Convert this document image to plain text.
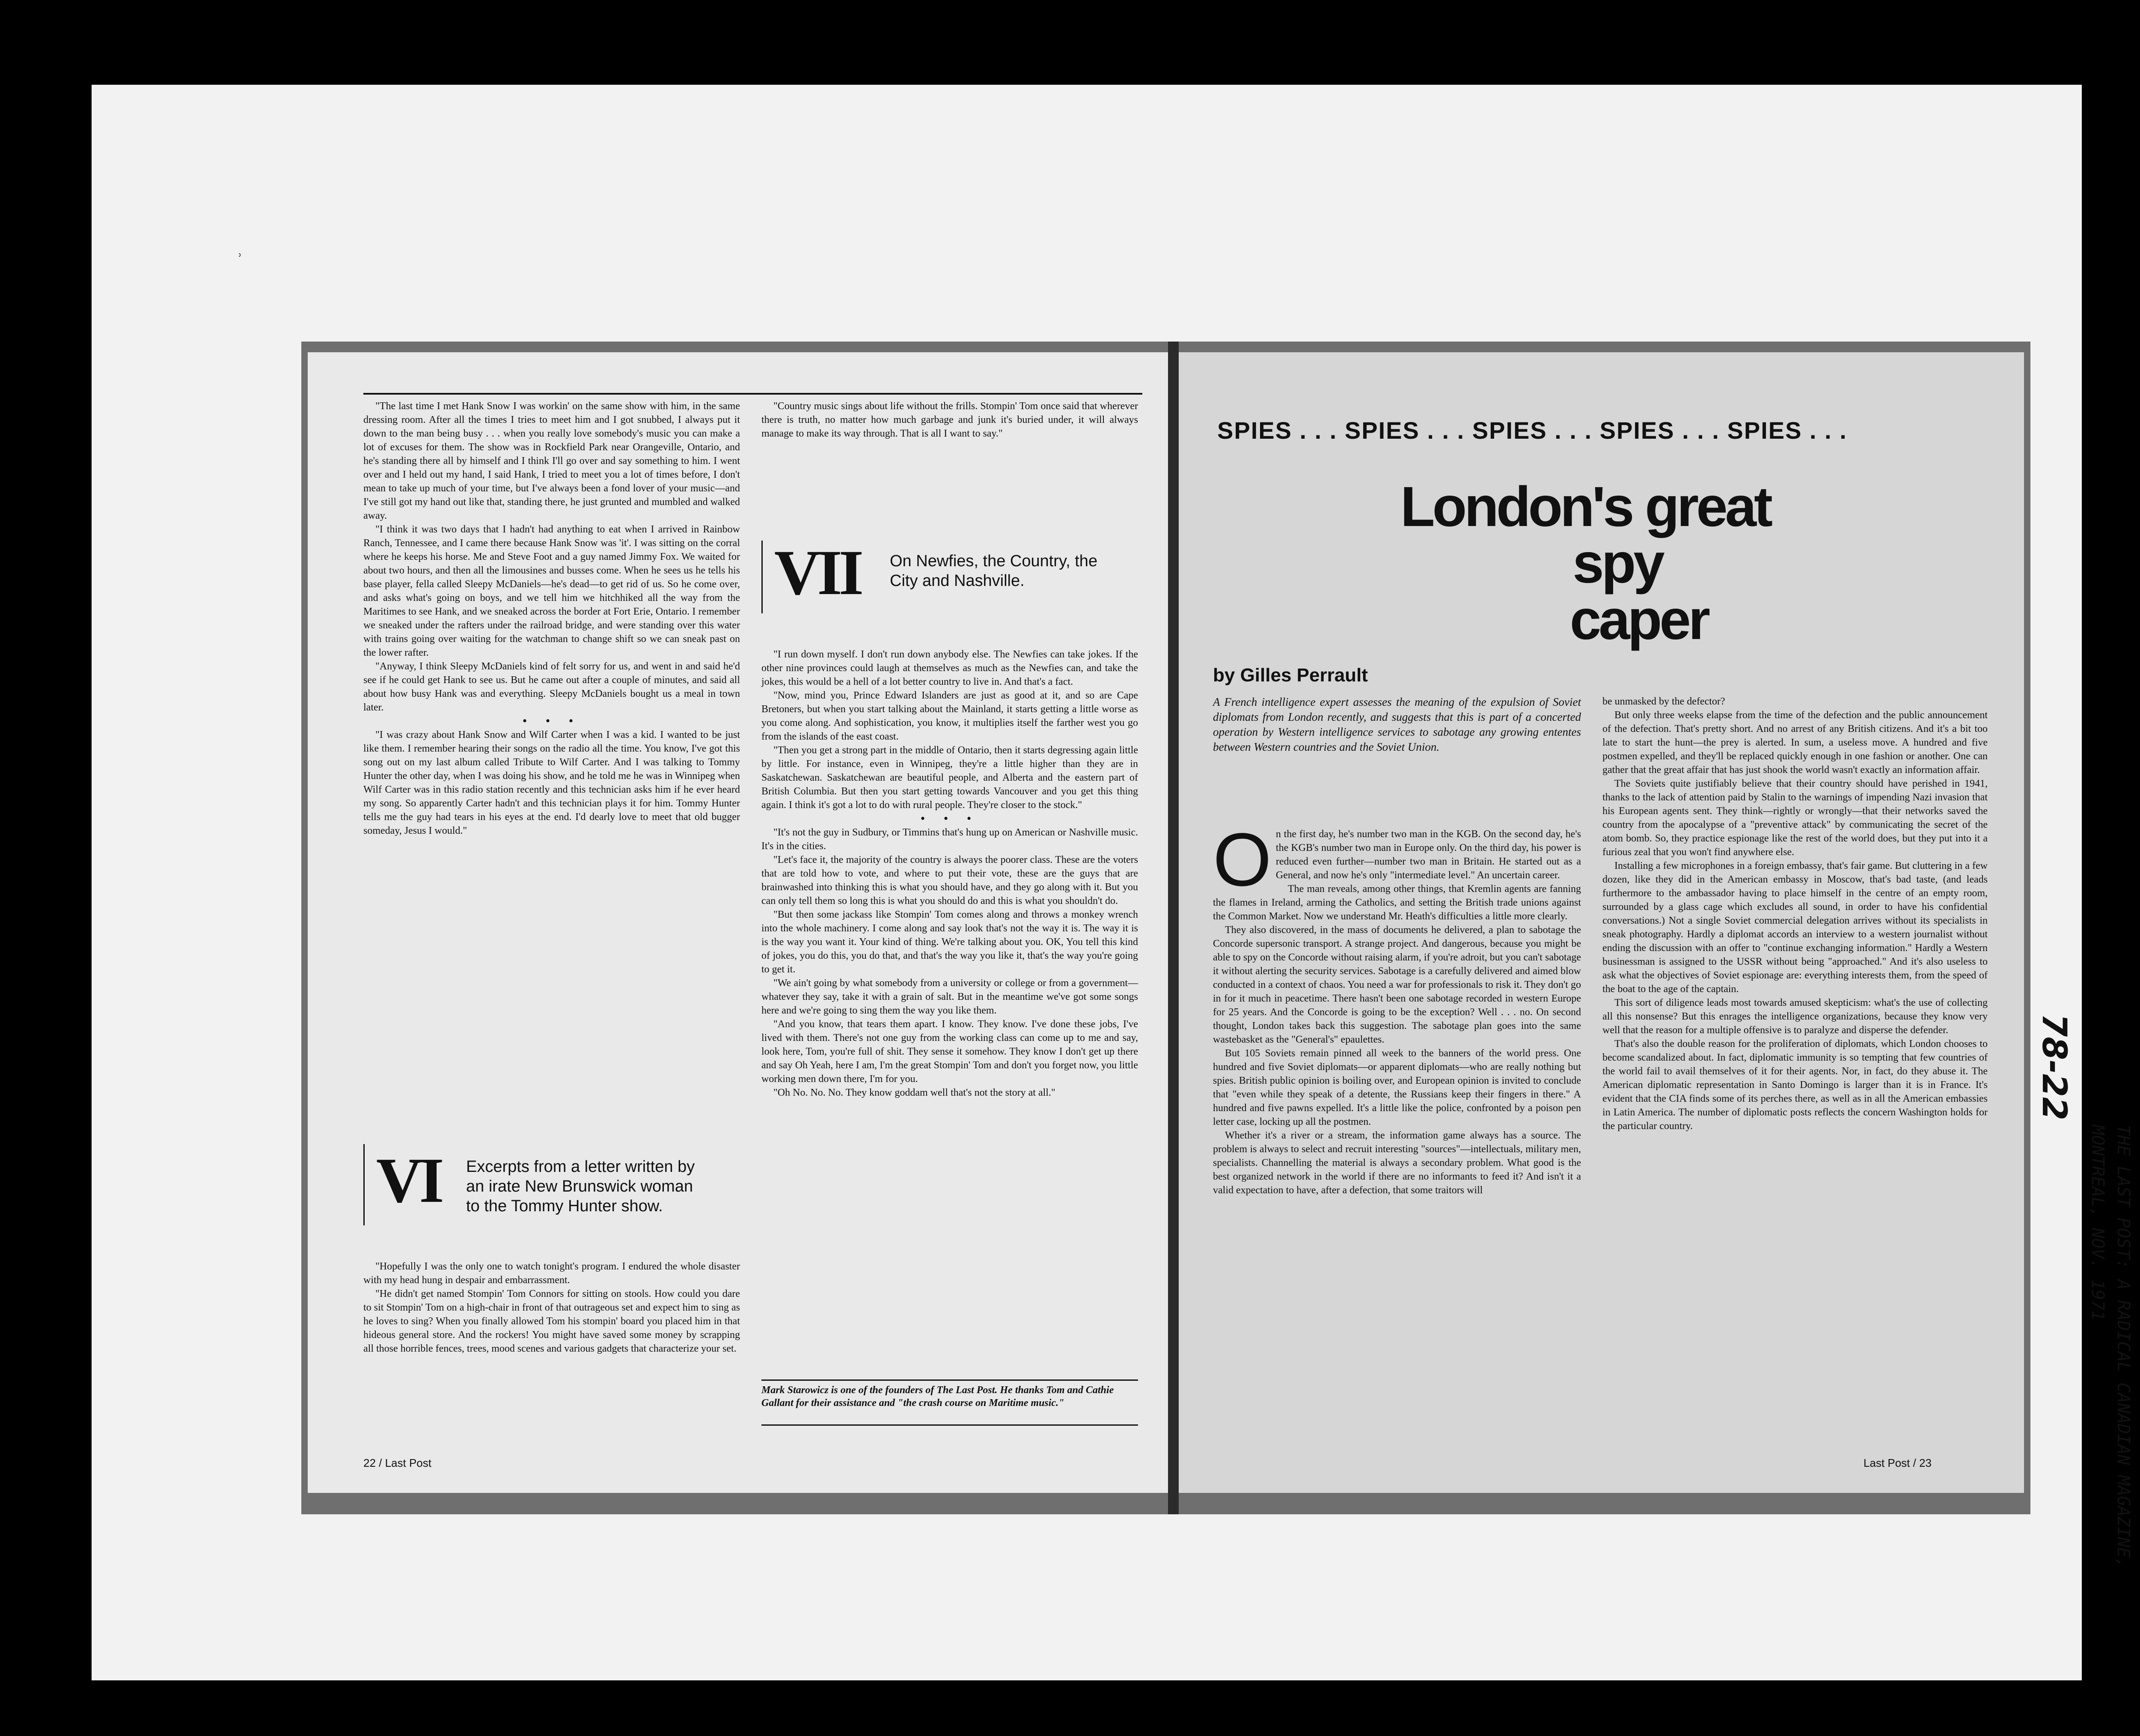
⸒

"The last time I met Hank Snow I was workin' on the same show with him, in the same dressing room. After all the times I tries to meet him and I got snubbed, I always put it down to the man being busy . . . when you really love somebody's music you can make a lot of excuses for them. The show was in Rockfield Park near Orangeville, Ontario, and he's standing there all by himself and I think I'll go over and say something to him. I went over and I held out my hand, I said Hank, I tried to meet you a lot of times before, I don't mean to take up much of your time, but I've always been a fond lover of your music—and I've still got my hand out like that, standing there, he just grunted and mumbled and walked away.

"I think it was two days that I hadn't had anything to eat when I arrived in Rainbow Ranch, Tennessee, and I came there because Hank Snow was 'it'. I was sitting on the corral where he keeps his horse. Me and Steve Foot and a guy named Jimmy Fox. We waited for about two hours, and then all the limousines and busses come. When he sees us he tells his base player, fella called Sleepy McDaniels—he's dead—to get rid of us. So he come over, and asks what's going on boys, and we tell him we hitchhiked all the way from the Maritimes to see Hank, and we sneaked across the border at Fort Erie, Ontario. I remember we sneaked under the rafters under the railroad bridge, and were standing over this water with trains going over waiting for the watchman to change shift so we can sneak past on the lower rafter.

"Anyway, I think Sleepy McDaniels kind of felt sorry for us, and went in and said he'd see if he could get Hank to see us. But he came out after a couple of minutes, and said all about how busy Hank was and everything. Sleepy McDaniels bought us a meal in town later.

• • •

"I was crazy about Hank Snow and Wilf Carter when I was a kid. I wanted to be just like them. I remember hearing their songs on the radio all the time. You know, I've got this song out on my last album called Tribute to Wilf Carter. And I was talking to Tommy Hunter the other day, when I was doing his show, and he told me he was in Winnipeg when Wilf Carter was in this radio station recently and this technician asks him if he ever heard my song. So apparently Carter hadn't and this technician plays it for him. Tommy Hunter tells me the guy had tears in his eyes at the end. I'd dearly love to meet that old bugger someday, Jesus I would."

VI Excerpts from a letter written by an irate New Brunswick woman to the Tommy Hunter show.

"Hopefully I was the only one to watch tonight's program. I endured the whole disaster with my head hung in despair and embarrassment.

"He didn't get named Stompin' Tom Connors for sitting on stools. How could you dare to sit Stompin' Tom on a high-chair in front of that outrageous set and expect him to sing as he loves to sing? When you finally allowed Tom his stompin' board you placed him in that hideous general store. And the rockers! You might have saved some money by scrapping all those horrible fences, trees, mood scenes and various gadgets that characterize your set.

22 / Last Post

"Country music sings about life without the frills. Stompin' Tom once said that wherever there is truth, no matter how much garbage and junk it's buried under, it will always manage to make its way through. That is all I want to say."

VII On Newfies, the Country, the City and Nashville.

"I run down myself. I don't run down anybody else. The Newfies can take jokes. If the other nine provinces could laugh at themselves as much as the Newfies can, and take the jokes, this would be a hell of a lot better country to live in. And that's a fact.

"Now, mind you, Prince Edward Islanders are just as good at it, and so are Cape Bretoners, but when you start talking about the Mainland, it starts getting a little worse as you come along. And sophistication, you know, it multiplies itself the farther west you go from the islands of the east coast.

"Then you get a strong part in the middle of Ontario, then it starts degressing again little by little. For instance, even in Winnipeg, they're a little higher than they are in Saskatchewan. Saskatchewan are beautiful people, and Alberta and the eastern part of British Columbia. But then you start getting towards Vancouver and you get this thing again. I think it's got a lot to do with rural people. They're closer to the stock."

• • •

"It's not the guy in Sudbury, or Timmins that's hung up on American or Nashville music. It's in the cities.

"Let's face it, the majority of the country is always the poorer class. These are the voters that are told how to vote, and where to put their vote, these are the guys that are brainwashed into thinking this is what you should have, and they go along with it. But you can only tell them so long this is what you should do and this is what you shouldn't do.

"But then some jackass like Stompin' Tom comes along and throws a monkey wrench into the whole machinery. I come along and say look that's not the way it is. The way it is is the way you want it. Your kind of thing. We're talking about you. OK, You tell this kind of jokes, you do this, you do that, and that's the way you like it, that's the way you're going to get it.

"We ain't going by what somebody from a university or college or from a government—whatever they say, take it with a grain of salt. But in the meantime we've got some songs here and we're going to sing them the way you like them.

"And you know, that tears them apart. I know. They know. I've done these jobs, I've lived with them. There's not one guy from the working class can come up to me and say, look here, Tom, you're full of shit. They sense it somehow. They know I don't get up there and say Oh Yeah, here I am, I'm the great Stompin' Tom and don't you forget now, you little working men down there, I'm for you.

"Oh No. No. No. They know goddam well that's not the story at all."

Mark Starowicz is one of the founders of The Last Post. He thanks Tom and Cathie Gallant for their assistance and "the crash course on Maritime music."
SPIES . . . SPIES . . . SPIES . . . SPIES . . . SPIES . . .
London's great
spy
caper
by Gilles Perrault
A French intelligence expert assesses the meaning of the expulsion of Soviet diplomats from London recently, and suggests that this is part of a concerted operation by Western intelligence services to sabotage any growing ententes between Western countries and the Soviet Union.
O n the first day, he's number two man in the KGB. On the second day, he's the KGB's number two man in Europe only. On the third day, his power is reduced even further—number two man in Britain. He started out as a General, and now he's only "intermediate level." An uncertain career.

The man reveals, among other things, that Kremlin agents are fanning the flames in Ireland, arming the Catholics, and setting the British trade unions against the Common Market. Now we understand Mr. Heath's difficulties a little more clearly.

They also discovered, in the mass of documents he delivered, a plan to sabotage the Concorde supersonic transport. A strange project. And dangerous, because you might be able to spy on the Concorde without raising alarm, if you're adroit, but you can't sabotage it without alerting the security services. Sabotage is a carefully delivered and aimed blow conducted in a context of chaos. You need a war for professionals to risk it. They don't go in for it much in peacetime. There hasn't been one sabotage recorded in western Europe for 25 years. And the Concorde is going to be the exception? Well . . . no. On second thought, London takes back this suggestion. The sabotage plan goes into the same wastebasket as the "General's" epaulettes.

But 105 Soviets remain pinned all week to the banners of the world press. One hundred and five Soviet diplomats—or apparent diplomats—who are really nothing but spies. British public opinion is boiling over, and European opinion is invited to conclude that "even while they speak of a detente, the Russians keep their fingers in there." A hundred and five pawns expelled. It's a little like the police, confronted by a poison pen letter case, locking up all the postmen.

Whether it's a river or a stream, the information game always has a source. The problem is always to select and recruit interesting "sources"—intellectuals, military men, specialists. Channelling the material is always a secondary problem. What good is the best organized network in the world if there are no informants to feed it? And isn't it a valid expectation to have, after a defection, that some traitors will

be unmasked by the defector?

But only three weeks elapse from the time of the defection and the public announcement of the defection. That's pretty short. And no arrest of any British citizens. And it's a bit too late to start the hunt—the prey is alerted. In sum, a useless move. A hundred and five postmen expelled, and they'll be replaced quickly enough in one fashion or another. One can gather that the great affair that has just shook the world wasn't exactly an information affair.

The Soviets quite justifiably believe that their country should have perished in 1941, thanks to the lack of attention paid by Stalin to the warnings of impending Nazi invasion that his European agents sent. They think—rightly or wrongly—that their networks saved the country from the apocalypse of a "preventive attack" by communicating the secret of the atom bomb. So, they practice espionage like the rest of the world does, but they put into it a furious zeal that you won't find anywhere else.

Installing a few microphones in a foreign embassy, that's fair game. But cluttering in a few dozen, like they did in the American embassy in Moscow, that's bad taste, (and leads furthermore to the ambassador having to place himself in the centre of an empty room, surrounded by a glass cage which excludes all sound, in order to have his confidential conversations.) Not a single Soviet commercial delegation arrives without its specialists in sneak photography. Hardly a diplomat accords an interview to a western journalist without ending the discussion with an offer to "continue exchanging information." Hardly a Western businessman is assigned to the USSR without being "approached." And it's also useless to ask what the objectives of Soviet espionage are: everything interests them, from the speed of the boat to the age of the captain.

This sort of diligence leads most towards amused skepticism: what's the use of collecting all this nonsense? But this enrages the intelligence organizations, because they know very well that the reason for a multiple offensive is to paralyze and disperse the defender.

That's also the double reason for the proliferation of diplomats, which London chooses to become scandalized about. In fact, diplomatic immunity is so tempting that few countries of the world fail to avail themselves of it for their agents. Nor, in fact, do they abuse it. The American diplomatic representation in Santo Domingo is larger than it is in France. It's evident that the CIA finds some of its perches there, as well as in all the American embassies in Latin America. The number of diplomatic posts reflects the concern Washington holds for the particular country.

Last Post / 23
78-22
THE LAST POST: A RADICAL CANADIAN MAGAZINE,
MONTREAL, NOV. 1971
